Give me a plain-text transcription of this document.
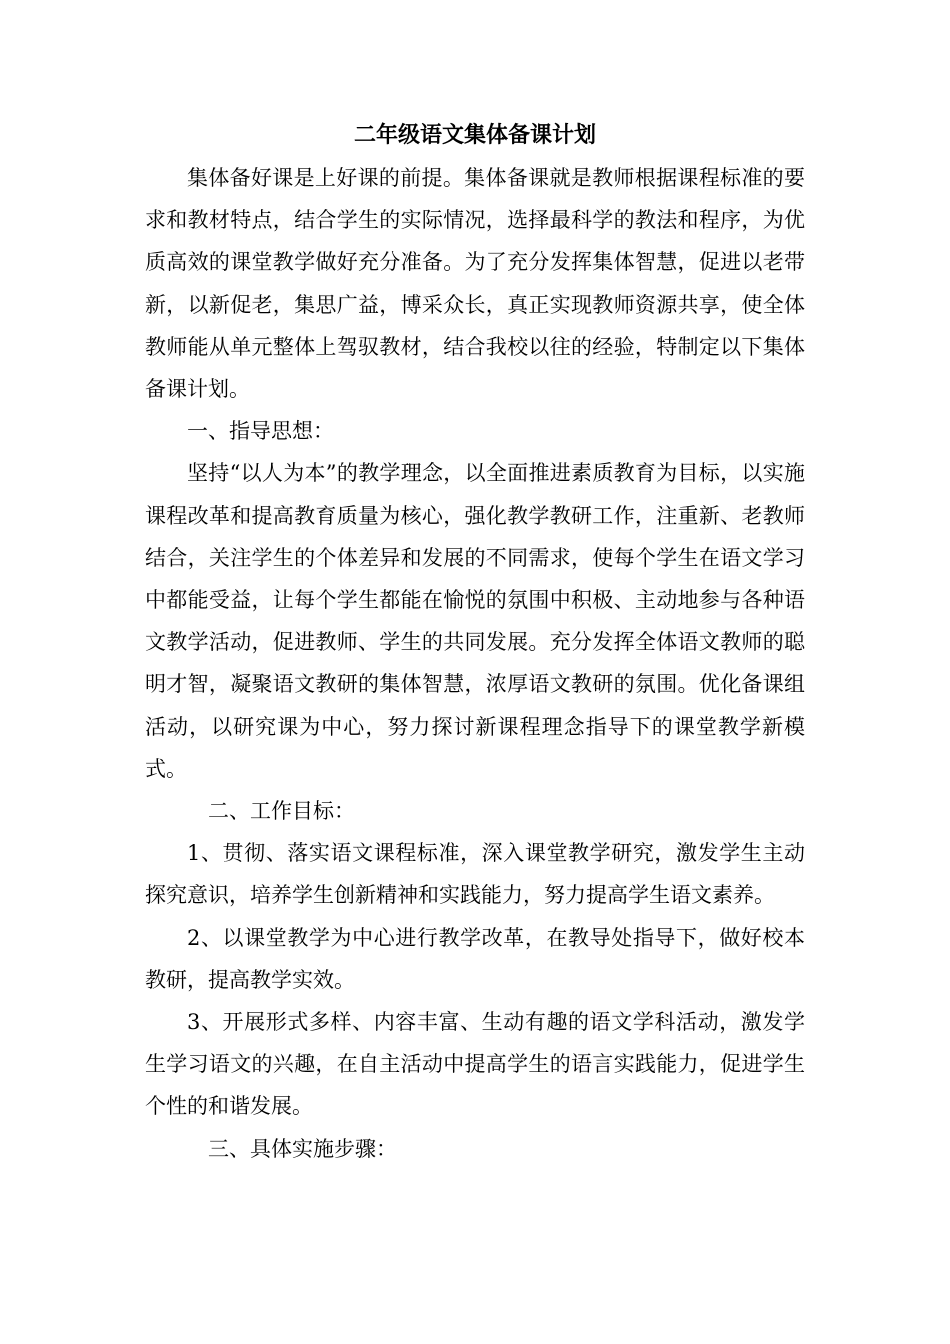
二年级语文集体备课计划

集体备好课是上好课的前提。集体备课就是教师根据课程标准的要求和教材特点，结合学生的实际情况，选择最科学的教法和程序，为优质高效的课堂教学做好充分准备。为了充分发挥集体智慧，促进以老带新，以新促老，集思广益，博采众长，真正实现教师资源共享，使全体教师能从单元整体上驾驭教材，结合我校以往的经验，特制定以下集体备课计划。

一、指导思想：

坚持“以人为本”的教学理念，以全面推进素质教育为目标，以实施课程改革和提高教育质量为核心，强化教学教研工作，注重新、老教师结合，关注学生的个体差异和发展的不同需求，使每个学生在语文学习中都能受益，让每个学生都能在愉悦的氛围中积极、主动地参与各种语文教学活动，促进教师、学生的共同发展。充分发挥全体语文教师的聪明才智，凝聚语文教研的集体智慧，浓厚语文教研的氛围。优化备课组活动，以研究课为中心，努力探讨新课程理念指导下的课堂教学新模式。

二、工作目标：

1、贯彻、落实语文课程标准，深入课堂教学研究，激发学生主动探究意识，培养学生创新精神和实践能力，努力提高学生语文素养。

2、以课堂教学为中心进行教学改革，在教导处指导下，做好校本教研，提高教学实效。

3、开展形式多样、内容丰富、生动有趣的语文学科活动，激发学生学习语文的兴趣，在自主活动中提高学生的语言实践能力，促进学生个性的和谐发展。

三、具体实施步骤：
